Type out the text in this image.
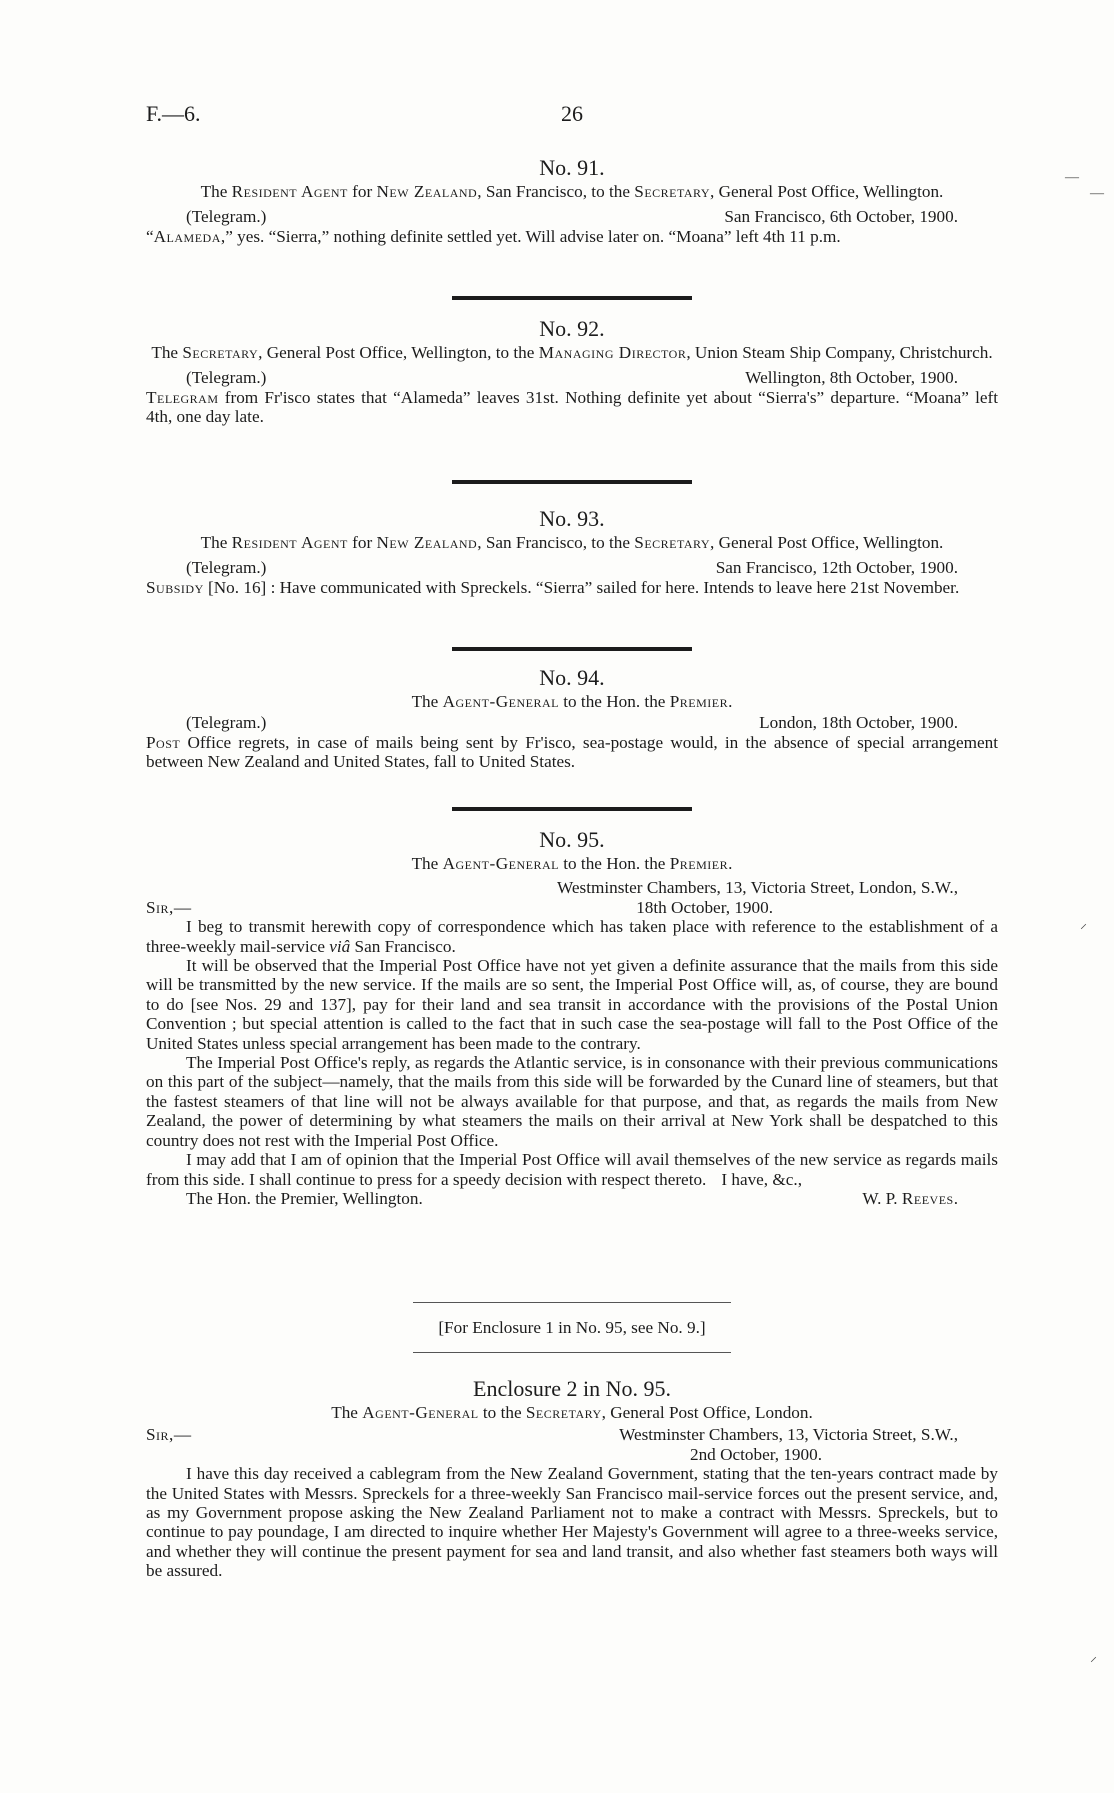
F.—6.	26
No. 91.

The Resident Agent for New Zealand, San Francisco, to the Secretary, General Post Office, Wellington.

(Telegram.)	San Francisco, 6th October, 1900.

“Alameda,” yes. “Sierra,” nothing definite settled yet. Will advise later on. “Moana” left 4th 11 p.m.

No. 92.

The Secretary, General Post Office, Wellington, to the Managing Director, Union Steam Ship Company, Christchurch.

(Telegram.)	Wellington, 8th October, 1900.

Telegram from Fr'isco states that “Alameda” leaves 31st. Nothing definite yet about “Sierra's” departure. “Moana” left 4th, one day late.

No. 93.

The Resident Agent for New Zealand, San Francisco, to the Secretary, General Post Office, Wellington.

(Telegram.)	San Francisco, 12th October, 1900.

Subsidy [No. 16] : Have communicated with Spreckels. “Sierra” sailed for here. Intends to leave here 21st November.

No. 94.

The Agent-General to the Hon. the Premier.

(Telegram.)	London, 18th October, 1900.

Post Office regrets, in case of mails being sent by Fr'isco, sea-postage would, in the absence of special arrangement between New Zealand and United States, fall to United States.

No. 95.

The Agent-General to the Hon. the Premier.

Westminster Chambers, 13, Victoria Street, London, S.W.,

Sir,—	18th October, 1900.

I beg to transmit herewith copy of correspondence which has taken place with reference to the establishment of a three-weekly mail-service viâ San Francisco.

It will be observed that the Imperial Post Office have not yet given a definite assurance that the mails from this side will be transmitted by the new service. If the mails are so sent, the Imperial Post Office will, as, of course, they are bound to do [see Nos. 29 and 137], pay for their land and sea transit in accordance with the provisions of the Postal Union Convention ; but special attention is called to the fact that in such case the sea-postage will fall to the Post Office of the United States unless special arrangement has been made to the contrary.

The Imperial Post Office's reply, as regards the Atlantic service, is in consonance with their previous communications on this part of the subject—namely, that the mails from this side will be forwarded by the Cunard line of steamers, but that the fastest steamers of that line will not be always available for that purpose, and that, as regards the mails from New Zealand, the power of determining by what steamers the mails on their arrival at New York shall be despatched to this country does not rest with the Imperial Post Office.

I may add that I am of opinion that the Imperial Post Office will avail themselves of the new service as regards mails from this side. I shall continue to press for a speedy decision with respect thereto. I have, &c.,

The Hon. the Premier, Wellington.	W. P. Reeves.

[For Enclosure 1 in No. 95, see No. 9.]

Enclosure 2 in No. 95.

The Agent-General to the Secretary, General Post Office, London.

Sir,—	Westminster Chambers, 13, Victoria Street, S.W.,

2nd October, 1900.

I have this day received a cablegram from the New Zealand Government, stating that the ten-years contract made by the United States with Messrs. Spreckels for a three-weekly San Francisco mail-service forces out the present service, and, as my Government propose asking the New Zealand Parliament not to make a contract with Messrs. Spreckels, but to continue to pay poundage, I am directed to inquire whether Her Majesty's Government will agree to a three-weeks service, and whether they will continue the present payment for sea and land transit, and also whether fast steamers both ways will be assured.

—
—
⸝
⸝
